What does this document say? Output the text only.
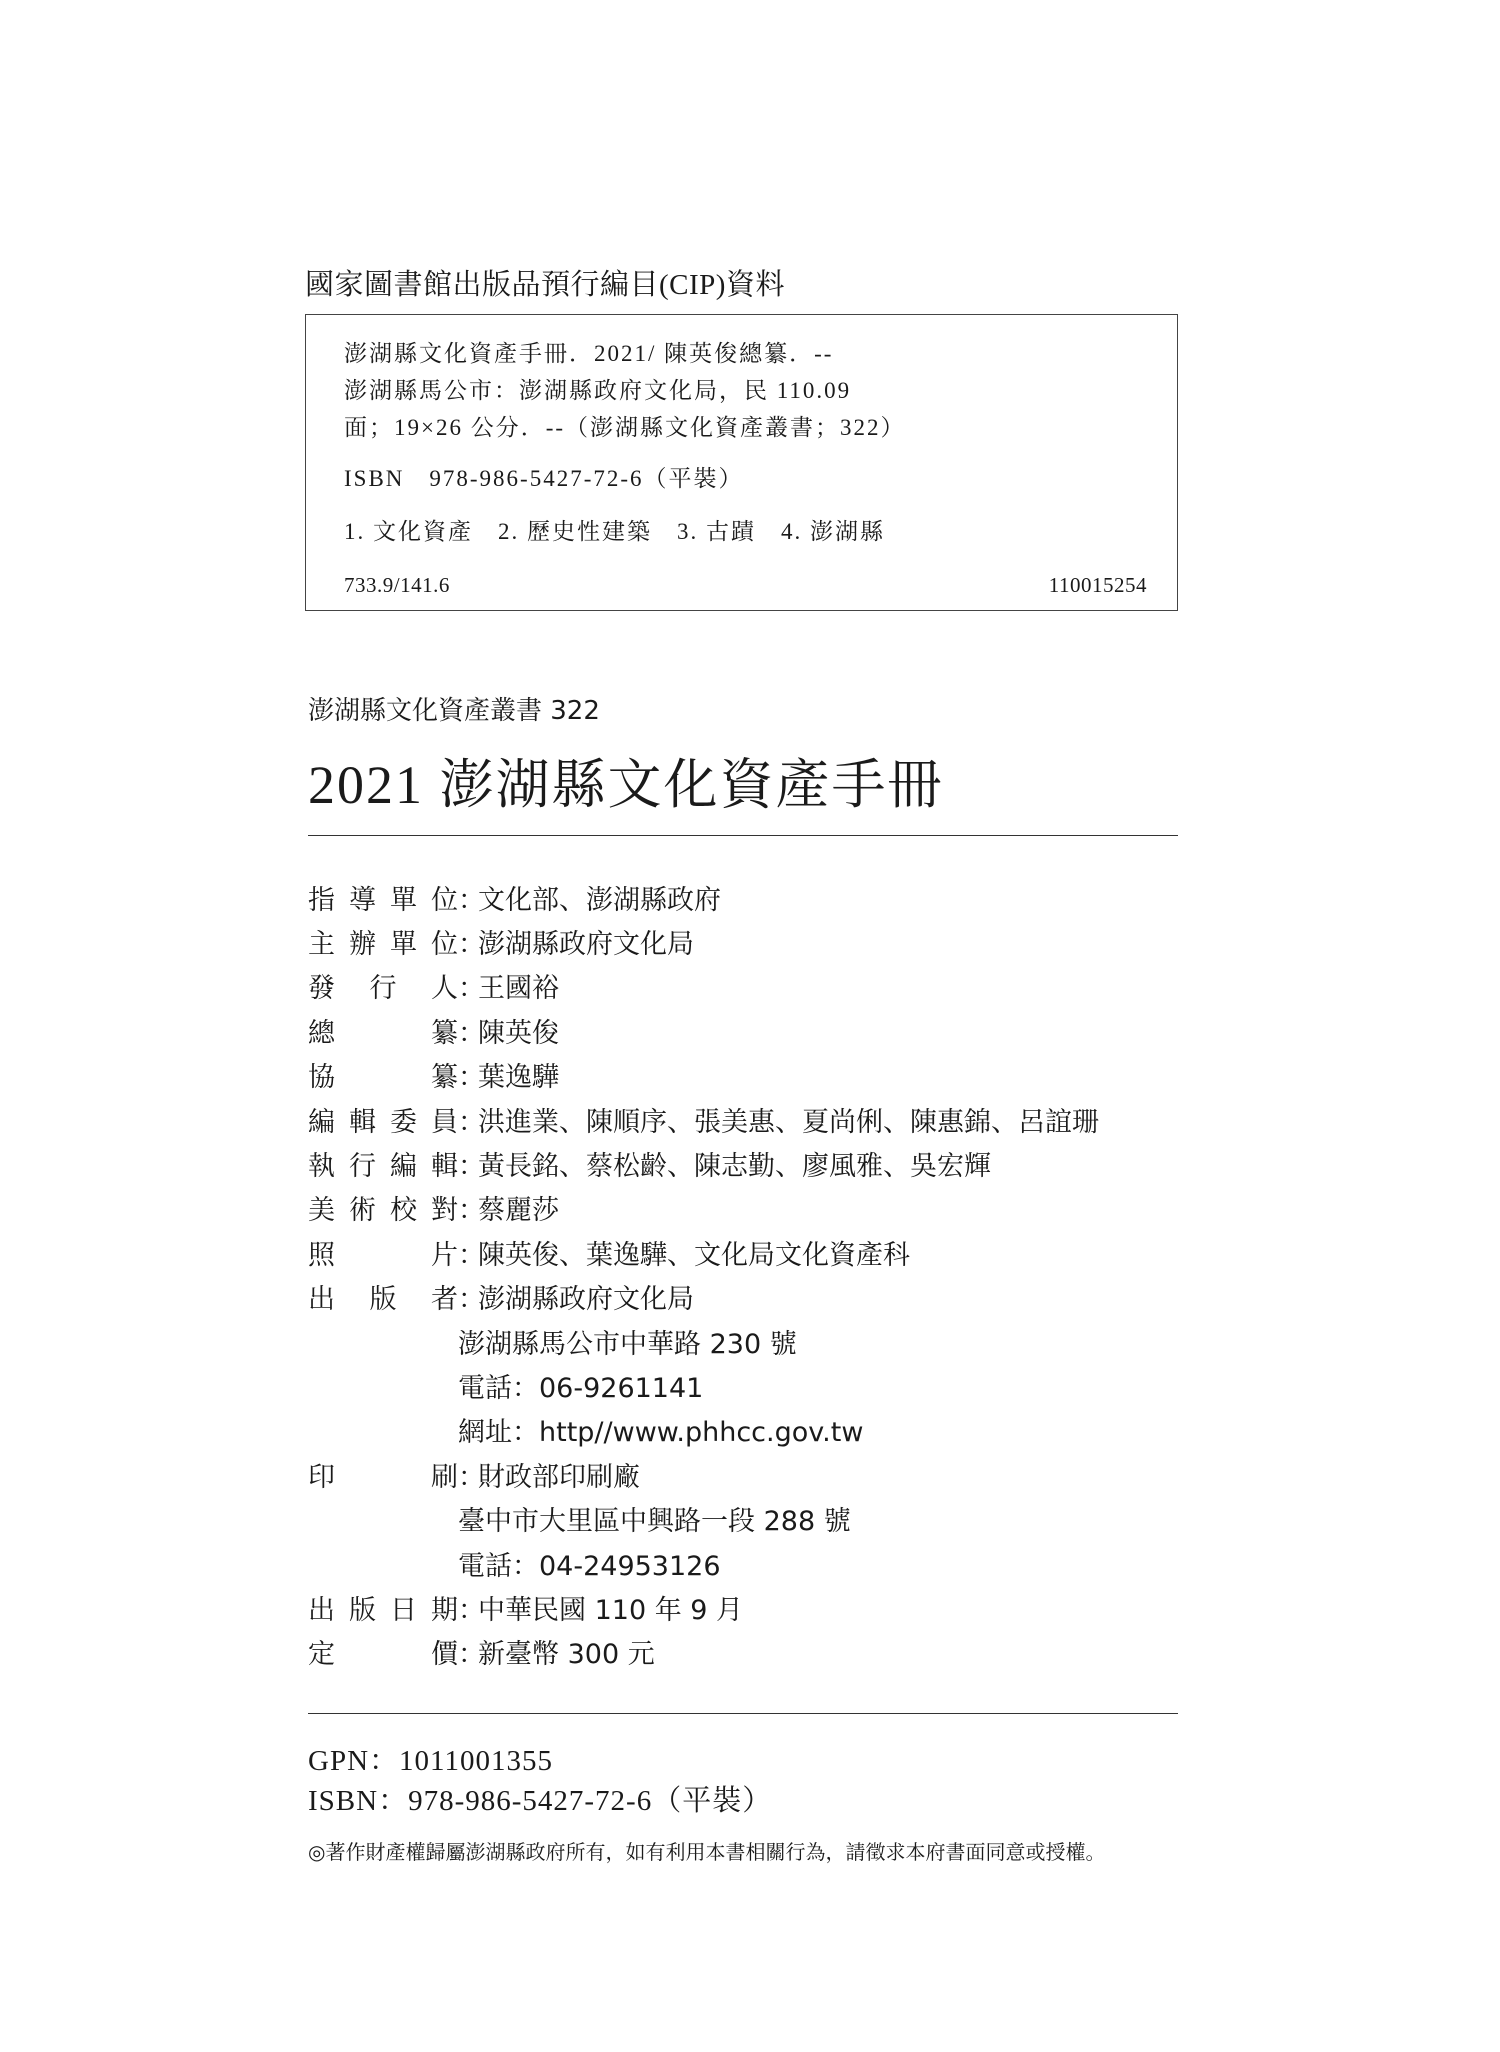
國家圖書館出版品預行編目(CIP)資料
澎湖縣文化資產手冊．2021/ 陳英俊總纂．--
澎湖縣馬公市：澎湖縣政府文化局，民 110.09
面；19×26 公分．--（澎湖縣文化資產叢書；322）
ISBN　978-986-5427-72-6（平裝）
1. 文化資產　2. 歷史性建築　3. 古蹟　4. 澎湖縣
733.9/141.6	110015254
澎湖縣文化資產叢書 322
2021 澎湖縣文化資產手冊
指 導 單 位 ：
文化部、澎湖縣政府
主 辦 單 位 ：
澎湖縣政府文化局
發 行 人 ：
王國裕
總	纂 ：
陳英俊
協	纂 ：
葉逸驊
編 輯 委 員 ：
洪進業、陳順序、張美惠、夏尚俐、陳惠錦、呂誼珊
執 行 編 輯 ：
黃長銘、蔡松齡、陳志勤、廖風雅、吳宏輝
美 術 校 對 ：
蔡麗莎
照	片 ：
陳英俊、葉逸驊、文化局文化資產科
出 版 者 ：
澎湖縣政府文化局
澎湖縣馬公市中華路 230 號
電話：06-9261141
網址：http//www.phhcc.gov.tw
印	刷 ：
財政部印刷廠
臺中市大里區中興路一段 288 號
電話：04-24953126
出 版 日 期 ：
中華民國 110 年 9 月
定	價 ：
新臺幣 300 元
GPN：1011001355
ISBN：978-986-5427-72-6（平裝）
◎著作財產權歸屬澎湖縣政府所有，如有利用本書相關行為，請徵求本府書面同意或授權。
